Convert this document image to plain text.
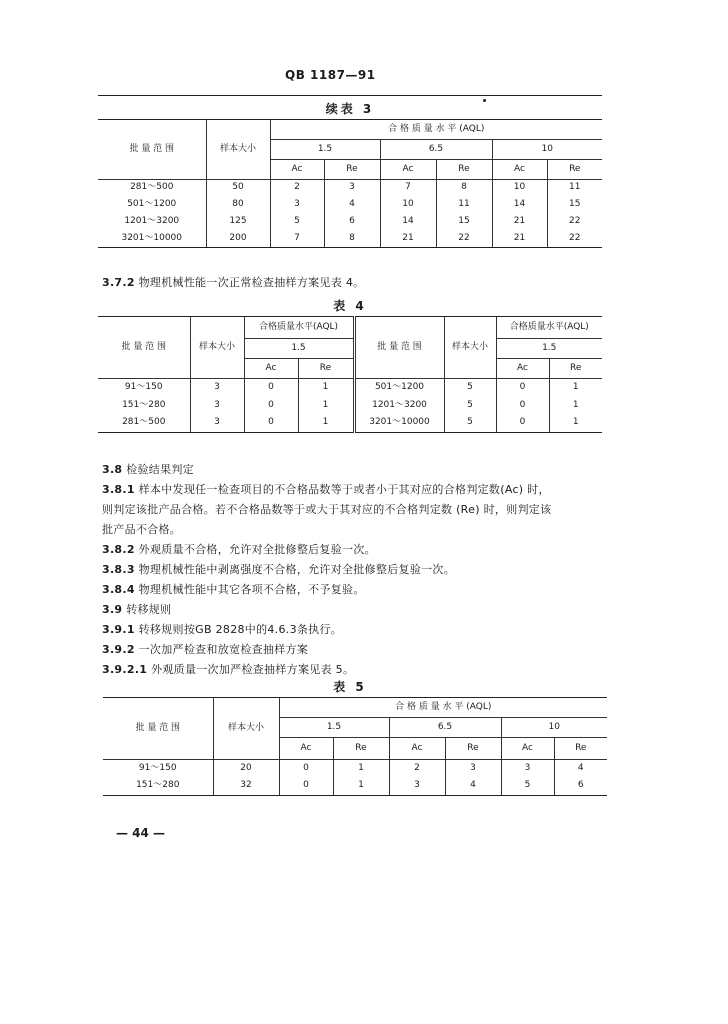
QB 1187—91
续表 3
批 量 范 围	样本大小	合 格 质 量 水 平 (AQL)					
		1.5		6.5		10	
		Ac	Re	Ac	Re	Ac	Re
281～500	50	2	3	7	8	10	11
501～1200	80	3	4	10	11	14	15
1201～3200	125	5	6	14	15	21	22
3201～10000	200	7	8	21	22	21	22
3.7.2 物理机械性能一次正常检查抽样方案见表 4。
表 4
批 量 范 围	样本大小	合格质量水平(AQL)		批 量 范 围	样本大小	合格质量水平(AQL)	
		1.5				1.5	
		Ac	Re			Ac	Re
91～150	3	0	1	501～1200	5	0	1
151～280	3	0	1	1201～3200	5	0	1
281～500	3	0	1	3201～10000	5	0	1
3.8 检验结果判定
3.8.1 样本中发现任一检查项目的不合格品数等于或者小于其对应的合格判定数(Ac) 时，
则判定该批产品合格。若不合格品数等于或大于其对应的不合格判定数 (Re) 时，则判定该
批产品不合格。
3.8.2 外观质量不合格，允许对全批修整后复验一次。
3.8.3 物理机械性能中剥离强度不合格，允许对全批修整后复验一次。
3.8.4 物理机械性能中其它各项不合格，不予复验。
3.9 转移规则
3.9.1 转移规则按GB 2828中的4.6.3条执行。
3.9.2 一次加严检查和放宽检查抽样方案
3.9.2.1 外观质量一次加严检查抽样方案见表 5。
表 5
批 量 范 围	样本大小	合 格 质 量 水 平 (AQL)					
		1.5		6.5		10	
		Ac	Re	Ac	Re	Ac	Re
91～150	20	0	1	2	3	3	4
151～280	32	0	1	3	4	5	6
— 44 —
